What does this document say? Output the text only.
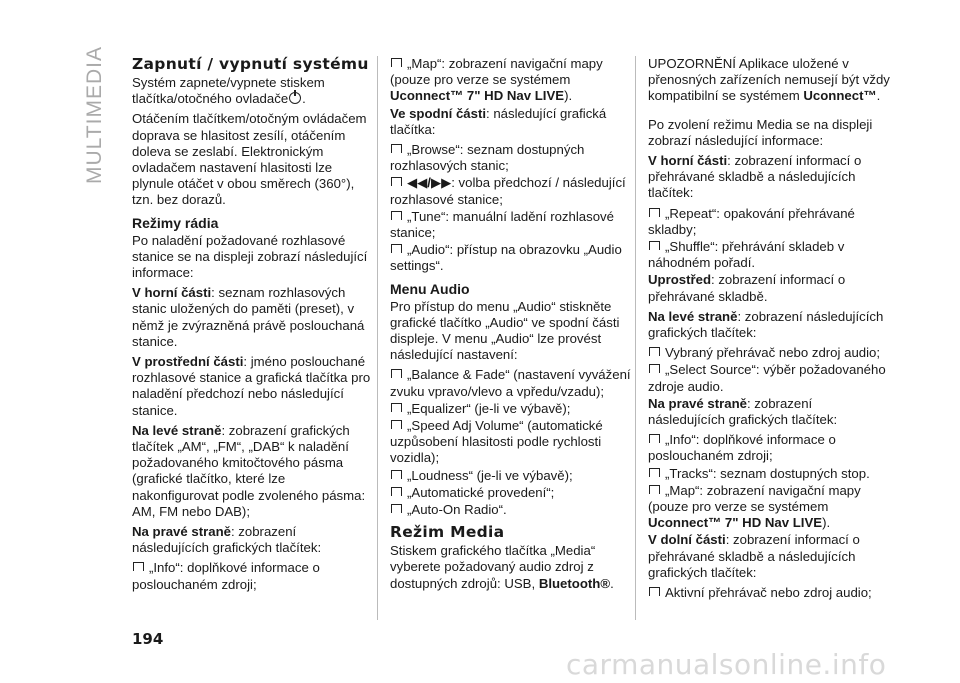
MULTIMEDIA Zapnutí / vypnutí systému
Systém zapnete/vypnete stiskem tlačítka/otočného ovladače .
Otáčením tlačítkem/otočným ovládačem doprava se hlasitost zesílí, otáčením doleva se zeslabí. Elektronickým ovladačem nastavení hlasitosti lze plynule otáčet v obou směrech (360°), tzn. bez dorazů.
Režimy rádia
Po naladění požadované rozhlasové stanice se na displeji zobrazí následující informace:
V horní části: seznam rozhlasových stanic uložených do paměti (preset), v němž je zvýrazněná právě poslouchaná stanice.
V prostřední části: jméno poslouchané rozhlasové stanice a grafická tlačítka pro naladění předchozí nebo následující stanice.
Na levé straně: zobrazení grafických tlačítek „AM“, „FM“, „DAB“ k naladění požadovaného kmitočtového pásma (grafické tlačítko, které lze nakonfigurovat podle zvoleného pásma: AM, FM nebo DAB);
Na pravé straně: zobrazení následujících grafických tlačítek:
„Info“: doplňkové informace o poslouchaném zdroji;
„Map“: zobrazení navigační mapy (pouze pro verze se systémem Uconnect™ 7" HD Nav LIVE).
Ve spodní části: následující grafická tlačítka:
„Browse“: seznam dostupných rozhlasových stanic;
◀◀/▶▶: volba předchozí / následující rozhlasové stanice;
„Tune“: manuální ladění rozhlasové stanice;
„Audio“: přístup na obrazovku „Audio settings“.
Menu Audio
Pro přístup do menu „Audio“ stiskněte grafické tlačítko „Audio“ ve spodní části displeje. V menu „Audio“ lze provést následující nastavení:
„Balance & Fade“ (nastavení vyvážení zvuku vpravo/vlevo a vpředu/vzadu);
„Equalizer“ (je-li ve výbavě);
„Speed Adj Volume“ (automatické uzpůsobení hlasitosti podle rychlosti vozidla);
„Loudness“ (je-li ve výbavě);
„Automatické provedení“;
„Auto-On Radio“.
Režim Media
Stiskem grafického tlačítka „Media“ vyberete požadovaný audio zdroj z dostupných zdrojů: USB, Bluetooth®.
UPOZORNĚNÍ Aplikace uložené v přenosných zařízeních nemusejí být vždy kompatibilní se systémem Uconnect™.
Po zvolení režimu Media se na displeji zobrazí následující informace:
V horní části: zobrazení informací o přehrávané skladbě a následujících tlačítek:
„Repeat“: opakování přehrávané skladby;
„Shuffle“: přehrávání skladeb v náhodném pořadí.
Uprostřed: zobrazení informací o přehrávané skladbě.
Na levé straně: zobrazení následujících grafických tlačítek:
Vybraný přehrávač nebo zdroj audio;
„Select Source“: výběr požadovaného zdroje audio.
Na pravé straně: zobrazení následujících grafických tlačítek:
„Info“: doplňkové informace o poslouchaném zdroji;
„Tracks“: seznam dostupných stop.
„Map“: zobrazení navigační mapy (pouze pro verze se systémem Uconnect™ 7" HD Nav LIVE).
V dolní části: zobrazení informací o přehrávané skladbě a následujících grafických tlačítek:
Aktivní přehrávač nebo zdroj audio;
194
carmanualsonline.info
